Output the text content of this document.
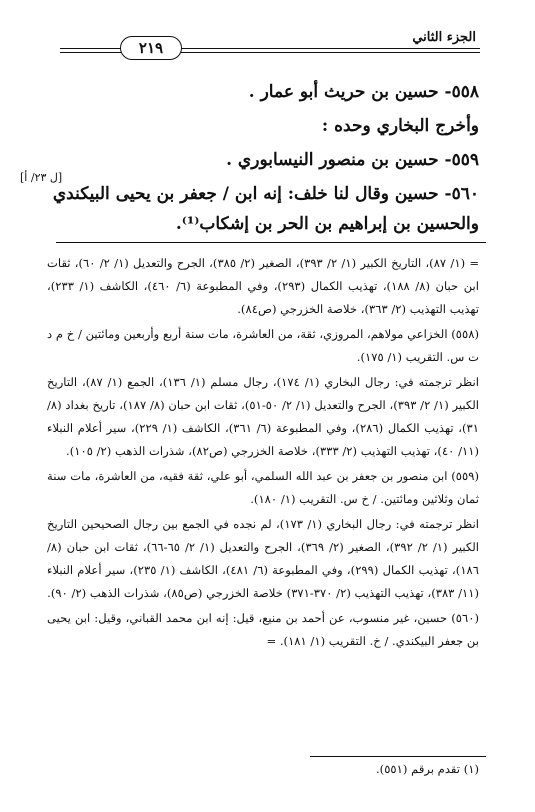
٢١٩
الجزء الثاني
٥٥٨- حسين بن حريث أبو عمار .
وأخرج البخاري وحده :
٥٥٩- حسين بن منصور النيسابوري .
٥٦٠- حسين وقال لنا خلف: إنه ابن / جعفر بن يحيى البيكندي
والحسين بن إبراهيم بن الحر بن إشكاب⁽¹⁾.
[ل ٢٣/ أ]

= (١/ ٨٧)، التاريخ الكبير (١/ ٢/ ٣٩٣)، الصغير (٢/ ٣٨٥)، الجرح والتعديل (١/ ٢/ ٦٠)، ثقات ابن حبان (٨/ ١٨٨)، تهذيب الكمال (٢٩٣)، وفي المطبوعة (٦/ ٤٦٠)، الكاشف (١/ ٢٣٣)، تهذيب التهذيب (٢/ ٣٦٣)، خلاصة الخزرجي (ص٨٤).

(٥٥٨) الخزاعي مولاهم، المروزي، ثقة، من العاشرة، مات سنة أربع وأربعين ومائتين / خ م د ت س. التقريب (١/ ١٧٥).

انظر ترجمته في: رجال البخاري (١/ ١٧٤)، رجال مسلم (١/ ١٣٦)، الجمع (١/ ٨٧)، التاريخ الكبير (١/ ٢/ ٣٩٣)، الجرح والتعديل (١/ ٢/ ٥٠-٥١)، ثقات ابن حبان (٨/ ١٨٧)، تاريخ بغداد (٨/ ٣١)، تهذيب الكمال (٢٨٦)، وفي المطبوعة (٦/ ٣٦١)، الكاشف (١/ ٢٢٩)، سير أعلام النبلاء (١١/ ٤٠)، تهذيب التهذيب (٢/ ٣٣٣)، خلاصة الخزرجي (ص٨٢)، شذرات الذهب (٢/ ١٠٥).

(٥٥٩) ابن منصور بن جعفر بن عبد الله السلمي، أبو علي، ثقة فقيه، من العاشرة، مات سنة ثمان وثلاثين ومائتين. / خ س. التقريب (١/ ١٨٠).

انظر ترجمته في: رجال البخاري (١/ ١٧٣)، لم نجده في الجمع بين رجال الصحيحين التاريخ الكبير (١/ ٢/ ٣٩٢)، الصغير (٢/ ٣٦٩)، الجرح والتعديل (١/ ٢/ ٦٥-٦٦)، ثقات ابن حبان (٨/ ١٨٦)، تهذيب الكمال (٢٩٩)، وفي المطبوعة (٦/ ٤٨١)، الكاشف (١/ ٢٣٥)، سير أعلام النبلاء (١١/ ٣٨٣)، تهذيب التهذيب (٢/ ٣٧٠-٣٧١) خلاصة الخزرجي (ص٨٥)، شذرات الذهب (٢/ ٩٠).

(٥٦٠) حسين، غير منسوب، عن أحمد بن منيع، قيل: إنه ابن محمد القباني، وقيل: ابن يحيى بن جعفر البيكندي. / خ. التقريب (١/ ١٨١). =

(١) تقدم برقم (٥٥١).
